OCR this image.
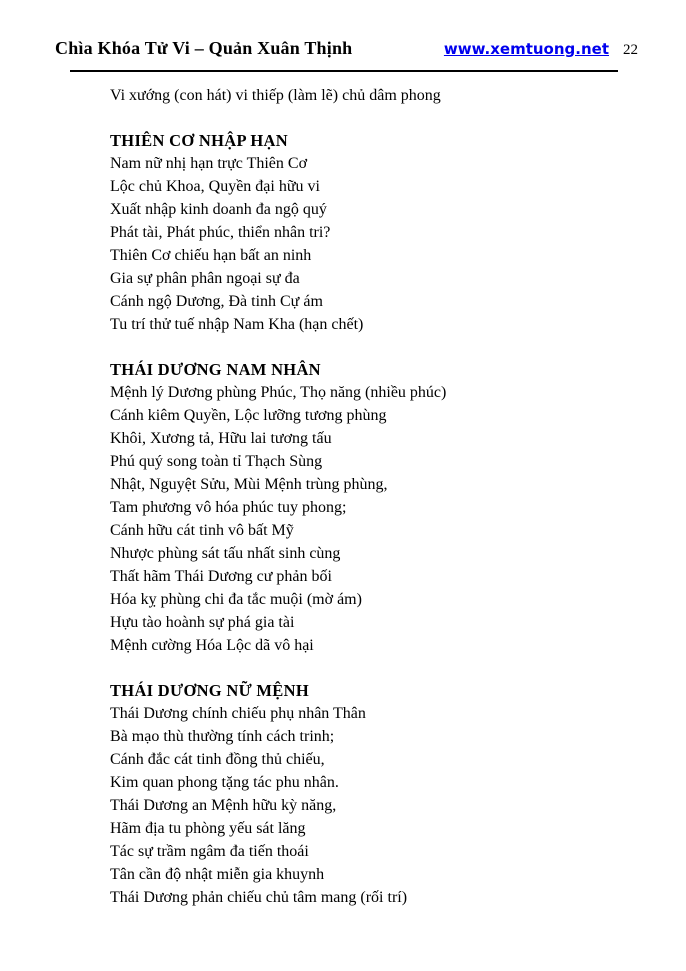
Chìa Khóa Tử Vi – Quản Xuân Thịnh	www.xemtuong.net 22

Vi xướng (con hát) vi thiếp (làm lẽ) chủ dâm phong

THIÊN CƠ NHẬP HẠN

Nam nữ nhị hạn trực Thiên Cơ

Lộc chủ Khoa, Quyền đại hữu vi

Xuất nhập kinh doanh đa ngộ quý

Phát tài, Phát phúc, thiển nhân tri?

Thiên Cơ chiếu hạn bất an ninh

Gia sự phân phân ngoại sự đa

Cánh ngộ Dương, Đà tinh Cự ám

Tu trí thử tuế nhập Nam Kha (hạn chết)

THÁI DƯƠNG NAM NHÂN

Mệnh lý Dương phùng Phúc, Thọ năng (nhiều phúc)

Cánh kiêm Quyền, Lộc lưỡng tương phùng

Khôi, Xương tả, Hữu lai tương tấu

Phú quý song toàn tỉ Thạch Sùng

Nhật, Nguyệt Sửu, Mùi Mệnh trùng phùng,

Tam phương vô hóa phúc tuy phong;

Cánh hữu cát tinh vô bất Mỹ

Nhược phùng sát tấu nhất sinh cùng

Thất hãm Thái Dương cư phản bối

Hóa kỵ phùng chi đa tắc muội (mờ ám)

Hựu tào hoành sự phá gia tài

Mệnh cường Hóa Lộc dã vô hại

THÁI DƯƠNG NỮ MỆNH

Thái Dương chính chiếu phụ nhân Thân

Bà mạo thù thường tính cách trinh;

Cánh đắc cát tinh đồng thủ chiếu,

Kim quan phong tặng tác phu nhân.

Thái Dương an Mệnh hữu kỳ năng,

Hãm địa tu phòng yếu sát lăng

Tác sự trầm ngâm đa tiến thoái

Tân cần độ nhật miễn gia khuynh

Thái Dương phản chiếu chủ tâm mang (rối trí)
